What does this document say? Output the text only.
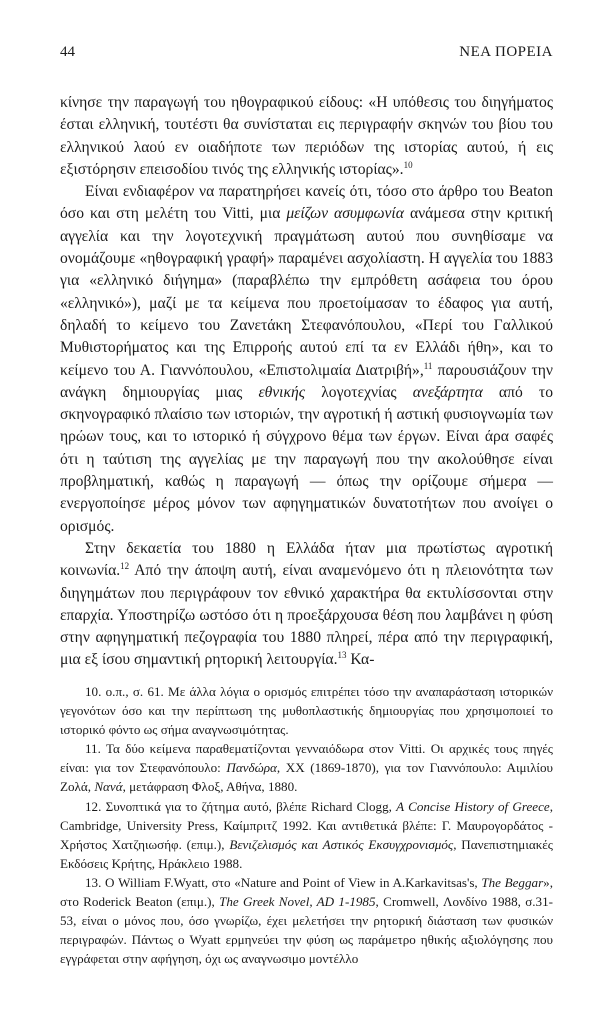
44	ΝΕΑ ΠΟΡΕΙΑ

κίνησε την παραγωγή του ηθογραφικού είδους: «Η υπόθεσις του διηγήματος έσται ελληνική, τουτέστι θα συνίσταται εις περιγραφήν σκηνών του βίου του ελληνικού λαού εν οιαδήποτε των περιόδων της ιστορίας αυτού, ή εις εξιστόρησιν επεισοδίου τινός της ελληνικής ιστορίας».$^{10}$

Είναι ενδιαφέρον να παρατηρήσει κανείς ότι, τόσο στο άρθρο του Beaton όσο και στη μελέτη του Vitti, μια μείζων ασυμφωνία ανάμεσα στην κριτική αγγελία και την λογοτεχνική πραγμάτωση αυτού που συνηθίσαμε να ονομάζουμε «ηθογραφική γραφή» παραμένει ασχολίαστη. Η αγγελία του 1883 για «ελληνικό διήγημα» (παραβλέπω την εμπρόθετη ασάφεια του όρου «ελληνικό»), μαζί με τα κείμενα που προετοίμασαν το έδαφος για αυτή, δηλαδή το κείμενο του Ζανετάκη Στεφανόπουλου, «Περί του Γαλλικού Μυθιστορήματος και της Επιρροής αυτού επί τα εν Ελλάδι ήθη», και το κείμενο του Α. Γιαννόπουλου, «Επιστολιμαία Διατριβή»,$^{11}$ παρουσιάζουν την ανάγκη δημιουργίας μιας εθνικής λογοτεχνίας ανεξάρτητα από το σκηνογραφικό πλαίσιο των ιστοριών, την αγροτική ή αστική φυσιογνωμία των ηρώων τους, και το ιστορικό ή σύγχρονο θέμα των έργων. Είναι άρα σαφές ότι η ταύτιση της αγγελίας με την παραγωγή που την ακολούθησε είναι προβληματική, καθώς η παραγωγή — όπως την ορίζουμε σήμερα — ενεργοποίησε μέρος μόνον των αφηγηματικών δυνατοτήτων που ανοίγει ο ορισμός.

Στην δεκαετία του 1880 η Ελλάδα ήταν μια πρωτίστως αγροτική κοινωνία.$^{12}$ Από την άποψη αυτή, είναι αναμενόμενο ότι η πλειονότητα των διηγημάτων που περιγράφουν τον εθνικό χαρακτήρα θα εκτυλίσσονται στην επαρχία. Υποστηρίζω ωστόσο ότι η προεξάρχουσα θέση που λαμβάνει η φύση στην αφηγηματική πεζογραφία του 1880 πληρεί, πέρα από την περιγραφική, μια εξ ίσου σημαντική ρητορική λειτουργία.$^{13}$ Κα-

10. ο.π., σ. 61. Με άλλα λόγια ο ορισμός επιτρέπει τόσο την αναπαράσταση ιστορικών γεγονότων όσο και την περίπτωση της μυθοπλαστικής δημιουργίας που χρησιμοποιεί το ιστορικό φόντο ως σήμα αναγνωσιμότητας.

11. Τα δύο κείμενα παραθεματίζονται γενναιόδωρα στον Vitti. Οι αρχικές τους πηγές είναι: για τον Στεφανόπουλο: Πανδώρα, ΧΧ (1869-1870), για τον Γιαννόπουλο: Αιμιλίου Ζολά, Νανά, μετάφραση Φλοξ, Αθήνα, 1880.

12. Συνοπτικά για το ζήτημα αυτό, βλέπε Richard Clogg, A Concise History of Greece, Cambridge, University Press, Καίμπριτζ 1992. Και αντιθετικά βλέπε: Γ. Μαυρογορδάτος - Χρήστος Χατζηιωσήφ. (επιμ.), Βενιζελισμός και Αστικός Εκσυγχρονισμός, Πανεπιστημιακές Εκδόσεις Κρήτης, Ηράκλειο 1988.

13. Ο William F.Wyatt, στο «Nature and Point of View in A.Karkavitsas's, The Beggar», στο Roderick Beaton (επιμ.), The Greek Novel, AD 1-1985, Cromwell, Λονδίνο 1988, σ.31-53, είναι ο μόνος που, όσο γνωρίζω, έχει μελετήσει την ρητορική διάσταση των φυσικών περιγραφών. Πάντως ο Wyatt ερμηνεύει την φύση ως παράμετρο ηθικής αξιολόγησης που εγγράφεται στην αφήγηση, όχι ως αναγνωσιμο μοντέλλο
